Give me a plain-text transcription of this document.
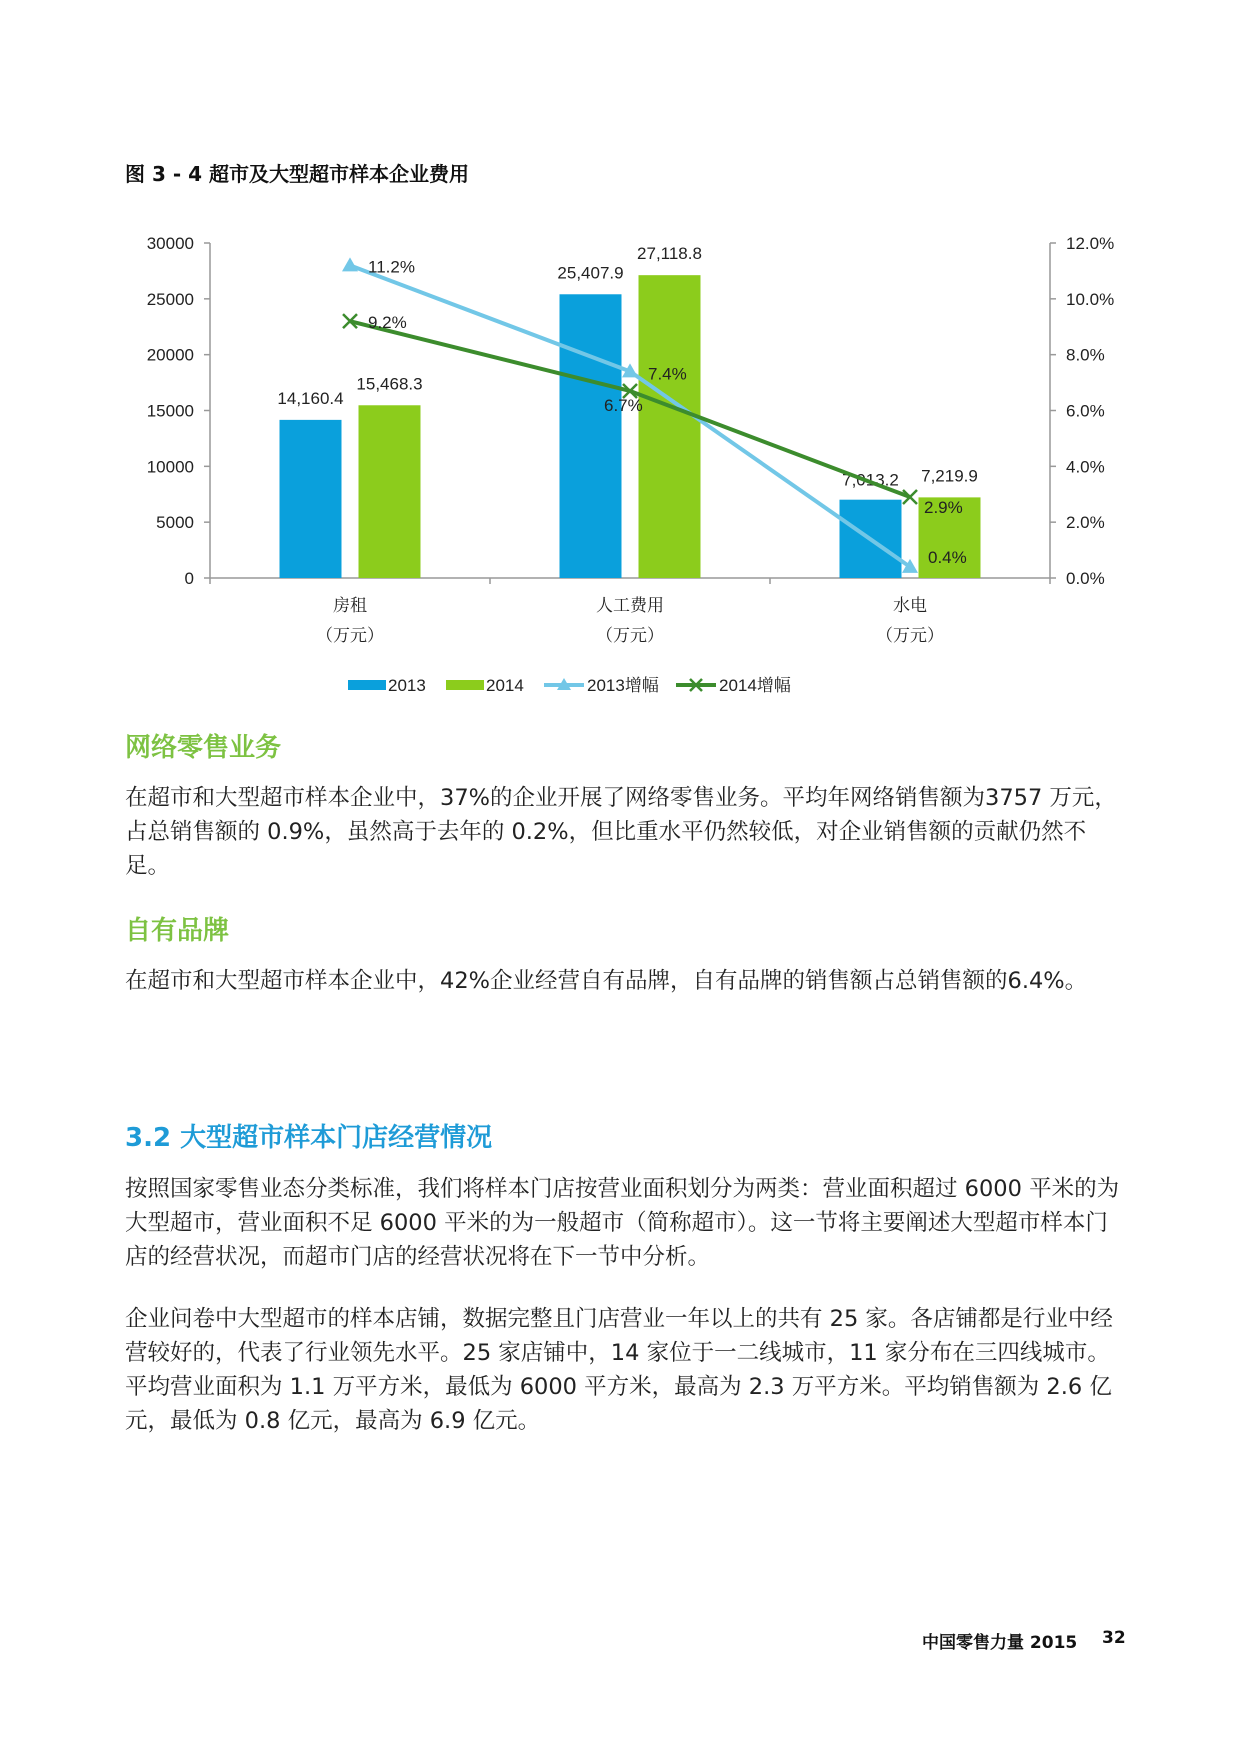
图 3 - 4 超市及大型超市样本企业费用
0
5000
10000
15000
20000
25000
30000
0.0%
2.0%
4.0%
6.0%
8.0%
10.0%
12.0%
房租
（万元）
人工费用
（万元）
水电
（万元）
14,160.4
25,407.9
7,013.2
15,468.3
27,118.8
7,219.9
11.2%
7.4%
0.4%
9.2%
6.7%
2.9%
2013	2014	2013增幅	2014增幅
网络零售业务
在超市和大型超市样本企业中，37%的企业开展了网络零售业务。平均年网络销售额为3757 万元，占总销售额的 0.9%，虽然高于去年的 0.2%，但比重水平仍然较低，对企业销售额的贡献仍然不足。
自有品牌
在超市和大型超市样本企业中，42%企业经营自有品牌，自有品牌的销售额占总销售额的6.4%。
3.2 大型超市样本门店经营情况
按照国家零售业态分类标准，我们将样本门店按营业面积划分为两类：营业面积超过 6000 平米的为大型超市，营业面积不足 6000 平米的为一般超市（简称超市）。这一节将主要阐述大型超市样本门店的经营状况，而超市门店的经营状况将在下一节中分析。
企业问卷中大型超市的样本店铺，数据完整且门店营业一年以上的共有 25 家。各店铺都是行业中经营较好的，代表了行业领先水平。25 家店铺中，14 家位于一二线城市，11 家分布在三四线城市。平均营业面积为 1.1 万平方米，最低为 6000 平方米，最高为 2.3 万平方米。平均销售额为 2.6 亿元，最低为 0.8 亿元，最高为 6.9 亿元。
中国零售力量 2015 32
